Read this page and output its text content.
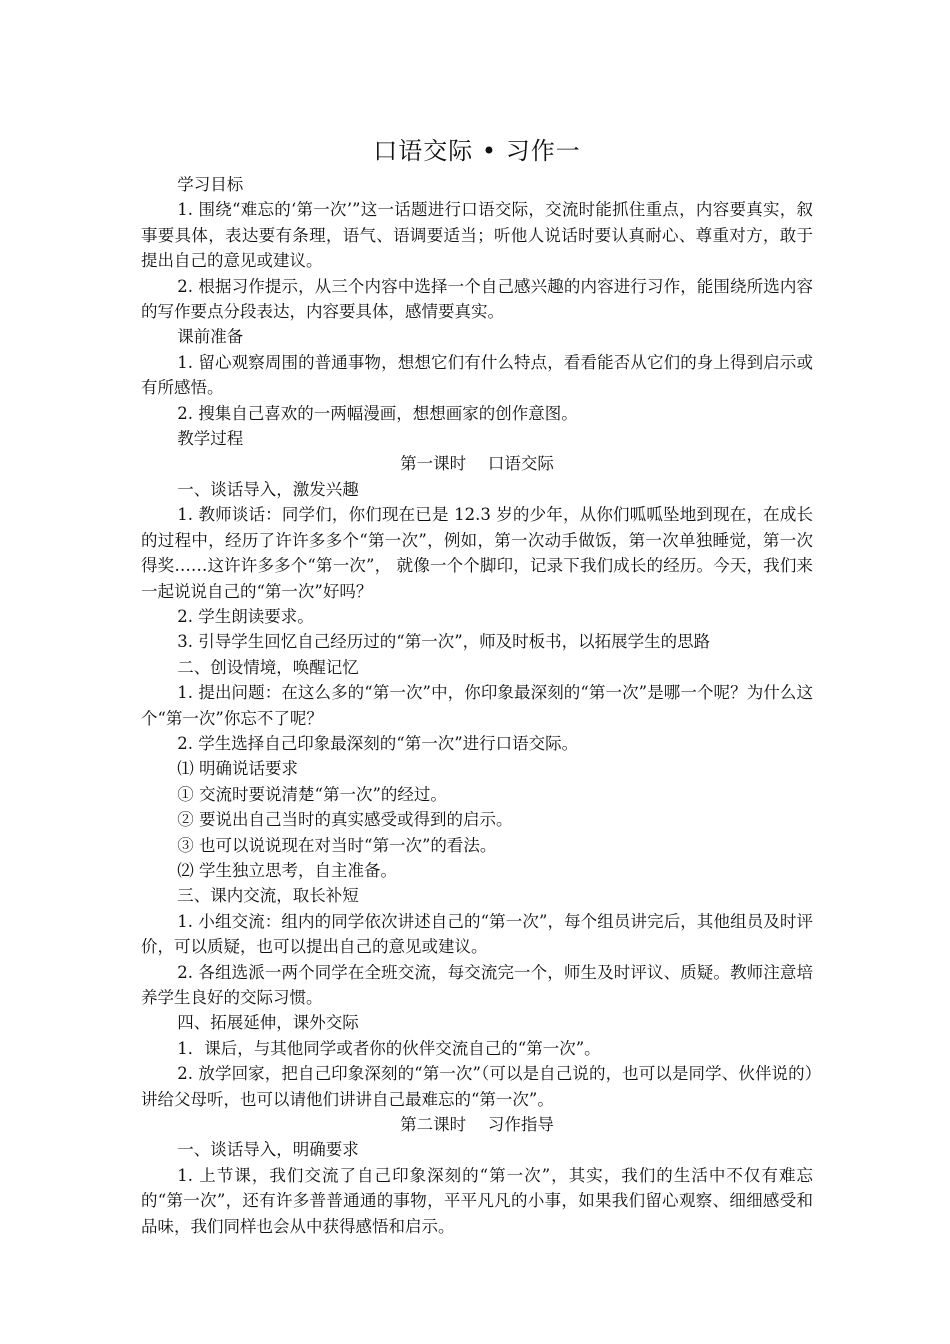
口语交际 • 习作一

学习目标

1. 围绕“难忘的‘第一次’”这一话题进行口语交际，交流时能抓住重点，内容要真实，叙事要具体，表达要有条理，语气、语调要适当；听他人说话时要认真耐心、尊重对方，敢于提出自己的意见或建议。

2. 根据习作提示，从三个内容中选择一个自己感兴趣的内容进行习作，能围绕所选内容的写作要点分段表达，内容要具体，感情要真实。

课前准备

1. 留心观察周围的普通事物，想想它们有什么特点，看看能否从它们的身上得到启示或有所感悟。

2. 搜集自己喜欢的一两幅漫画，想想画家的创作意图。

教学过程

第一课时　 口语交际

一、谈话导入，激发兴趣

1. 教师谈话：同学们，你们现在已是 12.3 岁的少年，从你们呱呱坠地到现在，在成长的过程中，经历了许许多多个“第一次”，例如，第一次动手做饭，第一次单独睡觉，第一次得奖……这许许多多个“第一次”， 就像一个个脚印，记录下我们成长的经历。今天，我们来一起说说自己的“第一次”好吗？

2. 学生朗读要求。

3. 引导学生回忆自己经历过的“第一次”，师及时板书，以拓展学生的思路

二、创设情境，唤醒记忆

1. 提出问题：在这么多的“第一次”中，你印象最深刻的“第一次”是哪一个呢？为什么这个“第一次”你忘不了呢？

2. 学生选择自己印象最深刻的“第一次”进行口语交际。

⑴ 明确说话要求

① 交流时要说清楚“第一次”的经过。

② 要说出自己当时的真实感受或得到的启示。

③ 也可以说说现在对当时“第一次”的看法。

⑵ 学生独立思考，自主准备。

三、课内交流，取长补短

1. 小组交流：组内的同学依次讲述自己的“第一次”，每个组员讲完后，其他组员及时评价，可以质疑，也可以提出自己的意见或建议。

2. 各组选派一两个同学在全班交流，每交流完一个，师生及时评议、质疑。教师注意培养学生良好的交际习惯。

四、拓展延伸，课外交际

1．课后，与其他同学或者你的伙伴交流自己的“第一次”。

2. 放学回家，把自己印象深刻的“第一次”（可以是自己说的，也可以是同学、伙伴说的）讲给父母听，也可以请他们讲讲自己最难忘的“第一次”。

第二课时　 习作指导

一、谈话导入，明确要求

1. 上节课，我们交流了自己印象深刻的“第一次”，其实，我们的生活中不仅有难忘的“第一次”，还有许多普普通通的事物，平平凡凡的小事，如果我们留心观察、细细感受和品味，我们同样也会从中获得感悟和启示。
